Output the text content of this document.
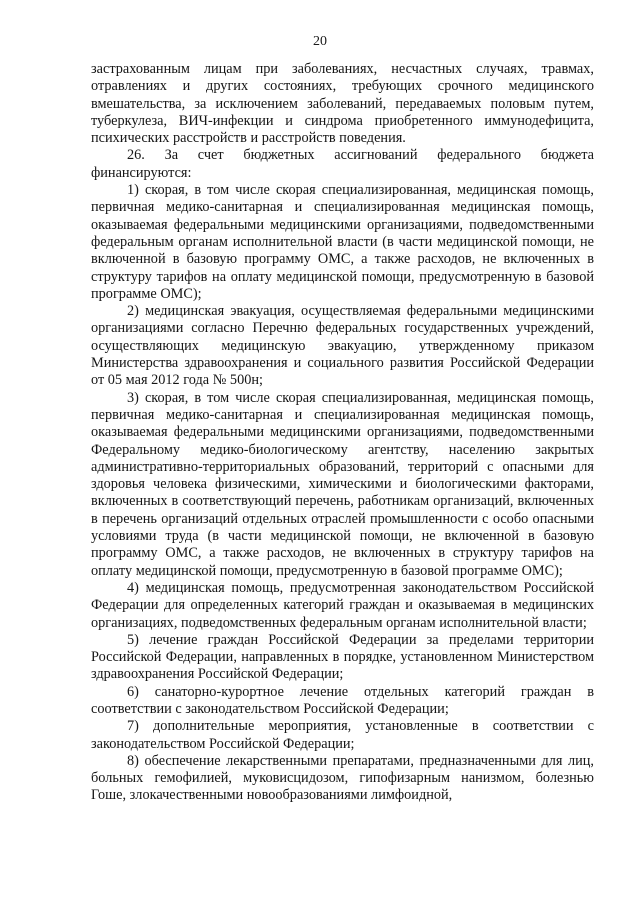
20

застрахованным лицам при заболеваниях, несчастных случаях, травмах, отравлениях и других состояниях, требующих срочного медицинского вмешательства, за исключением заболеваний, передаваемых половым путем, туберкулеза, ВИЧ-инфекции и синдрома приобретенного иммунодефицита, психических расстройств и расстройств поведения.

26. За счет бюджетных ассигнований федерального бюджета финансируются:

1) скорая, в том числе скорая специализированная, медицинская помощь, первичная медико-санитарная и специализированная медицинская помощь, оказываемая федеральными медицинскими организациями, подведомственными федеральным органам исполнительной власти (в части медицинской помощи, не включенной в базовую программу ОМС, а также расходов, не включенных в структуру тарифов на оплату медицинской помощи, предусмотренную в базовой программе ОМС);

2) медицинская эвакуация, осуществляемая федеральными медицинскими организациями согласно Перечню федеральных государственных учреждений, осуществляющих медицинскую эвакуацию, утвержденному приказом Министерства здравоохранения и социального развития Российской Федерации от 05 мая 2012 года № 500н;

3) скорая, в том числе скорая специализированная, медицинская помощь, первичная медико-санитарная и специализированная медицинская помощь, оказываемая федеральными медицинскими организациями, подведомственными Федеральному медико-биологическому агентству, населению закрытых административно-территориальных образований, территорий с опасными для здоровья человека физическими, химическими и биологическими факторами, включенных в соответствующий перечень, работникам организаций, включенных в перечень организаций отдельных отраслей промышленности с особо опасными условиями труда (в части медицинской помощи, не включенной в базовую программу ОМС, а также расходов, не включенных в структуру тарифов на оплату медицинской помощи, предусмотренную в базовой программе ОМС);

4) медицинская помощь, предусмотренная законодательством Российской Федерации для определенных категорий граждан и оказываемая в медицинских организациях, подведомственных федеральным органам исполнительной власти;

5) лечение граждан Российской Федерации за пределами территории Российской Федерации, направленных в порядке, установленном Министерством здравоохранения Российской Федерации;

6) санаторно-курортное лечение отдельных категорий граждан в соответствии с законодательством Российской Федерации;

7) дополнительные мероприятия, установленные в соответствии с законодательством Российской Федерации;

8) обеспечение лекарственными препаратами, предназначенными для лиц, больных гемофилией, муковисцидозом, гипофизарным нанизмом, болезнью Гоше, злокачественными новообразованиями лимфоидной,
